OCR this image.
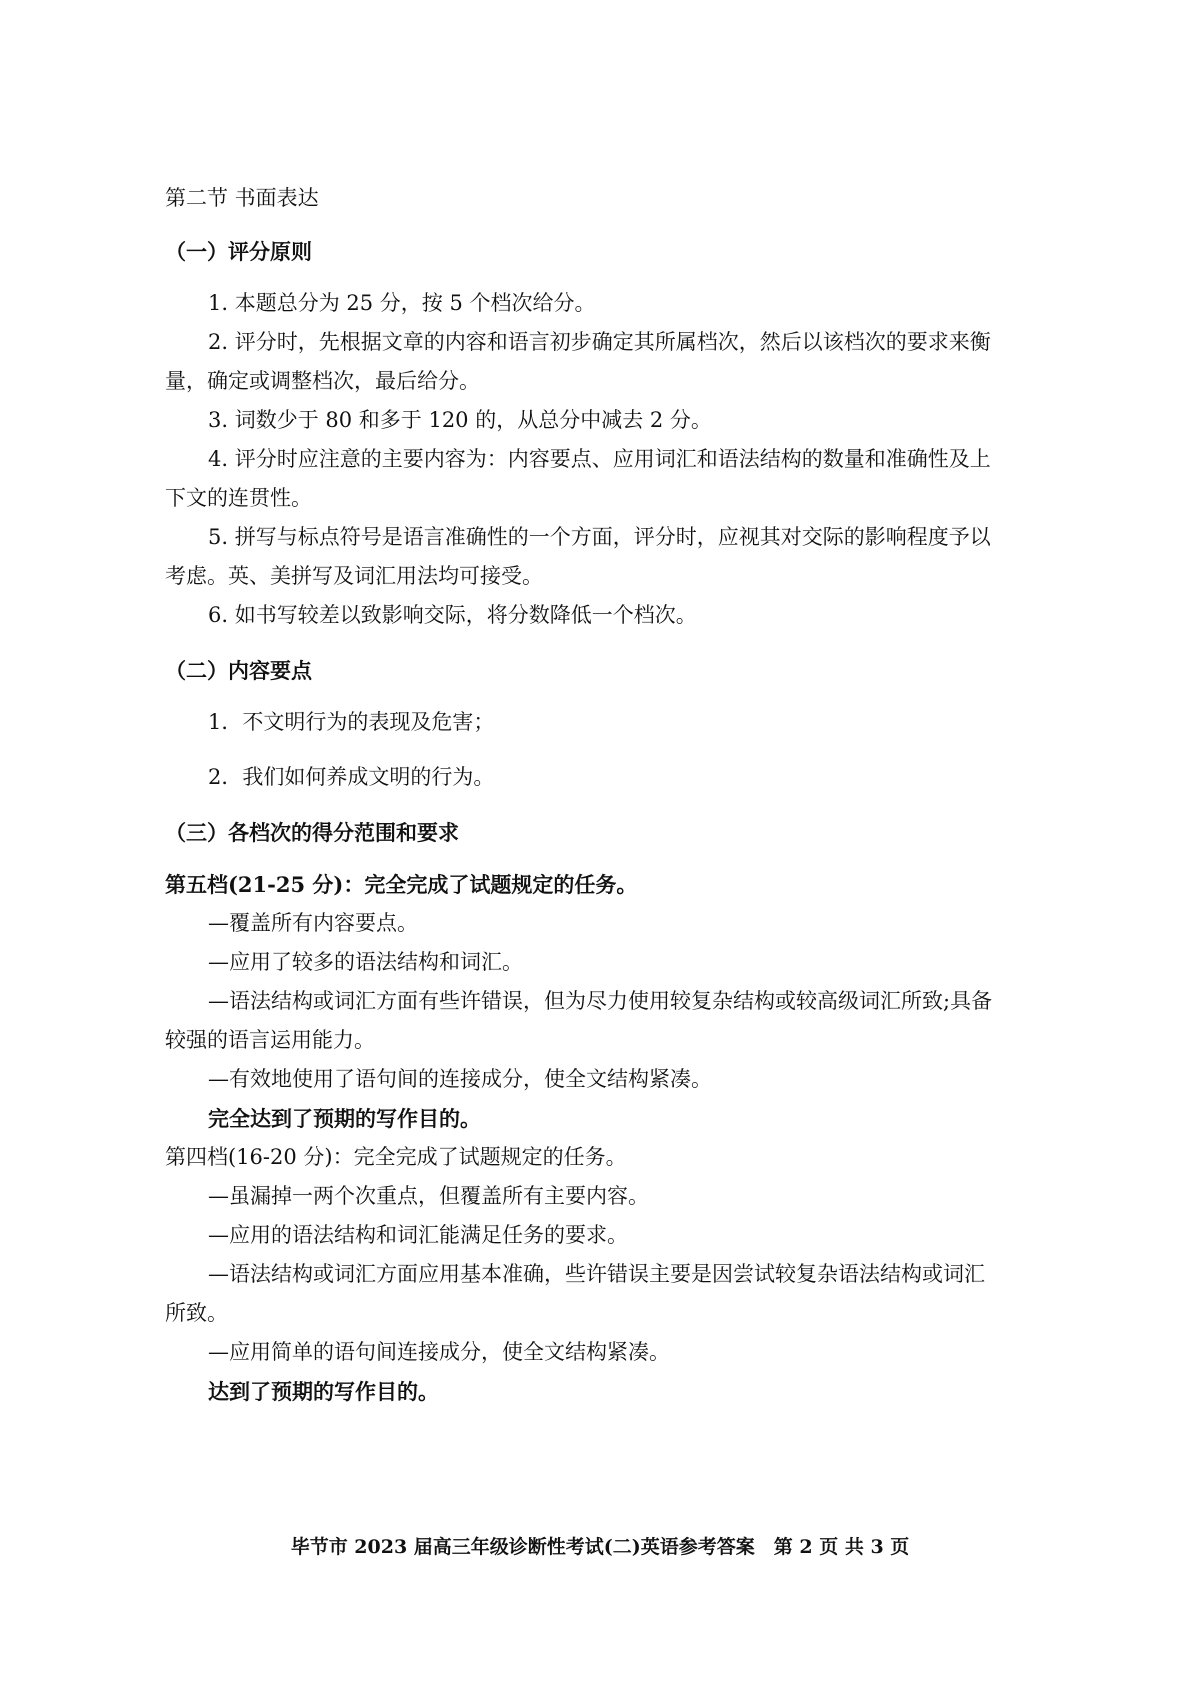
第二节 书面表达
（一）评分原则
1. 本题总分为 25 分，按 5 个档次给分。
2. 评分时，先根据文章的内容和语言初步确定其所属档次，然后以该档次的要求来衡
量，确定或调整档次，最后给分。
3. 词数少于 80 和多于 120 的，从总分中减去 2 分。
4. 评分时应注意的主要内容为：内容要点、应用词汇和语法结构的数量和准确性及上
下文的连贯性。
5. 拼写与标点符号是语言准确性的一个方面，评分时，应视其对交际的影响程度予以
考虑。英、美拼写及词汇用法均可接受。
6. 如书写较差以致影响交际，将分数降低一个档次。
（二）内容要点
1．不文明行为的表现及危害；
2．我们如何养成文明的行为。
（三）各档次的得分范围和要求
第五档(21-25 分)：完全完成了试题规定的任务。
—覆盖所有内容要点。
—应用了较多的语法结构和词汇。
—语法结构或词汇方面有些许错误，但为尽力使用较复杂结构或较高级词汇所致;具备
较强的语言运用能力。
—有效地使用了语句间的连接成分，使全文结构紧凑。
完全达到了预期的写作目的。
第四档(16-20 分)：完全完成了试题规定的任务。
—虽漏掉一两个次重点，但覆盖所有主要内容。
—应用的语法结构和词汇能满足任务的要求。
—语法结构或词汇方面应用基本准确，些许错误主要是因尝试较复杂语法结构或词汇
所致。
—应用简单的语句间连接成分，使全文结构紧凑。
达到了预期的写作目的。
毕节市 2023 届高三年级诊断性考试(二)英语参考答案　第 2 页 共 3 页
